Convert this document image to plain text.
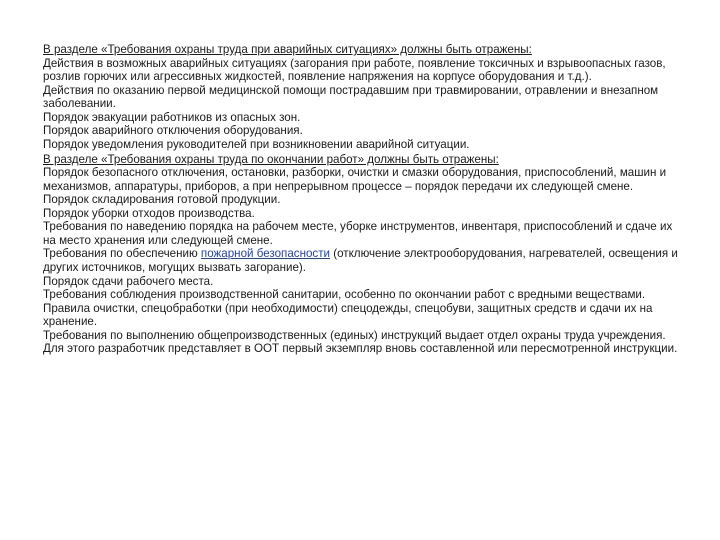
В разделе «Требования охраны труда при аварийных ситуациях» должны быть отражены:
Действия в возможных аварийных ситуациях (загорания при работе, появление токсичных и взрывоопасных газов, розлив горючих или агрессивных жидкостей, появление напряжения на корпусе оборудования и т.д.).
Действия по оказанию первой медицинской помощи пострадавшим при травмировании, отравлении и внезапном заболевании.
Порядок эвакуации работников из опасных зон.
Порядок аварийного отключения оборудования.
Порядок уведомления руководителей при возникновении аварийной ситуации.
В разделе «Требования охраны труда по окончании работ» должны быть отражены:
Порядок безопасного отключения, остановки, разборки, очистки и смазки оборудования, приспособлений, машин и механизмов, аппаратуры, приборов, а при непрерывном процессе – порядок передачи их следующей смене.
Порядок складирования готовой продукции.
Порядок уборки отходов производства.
Требования по наведению порядка на рабочем месте, уборке инструментов, инвентаря, приспособлений и сдаче их на место хранения или следующей смене.
Требования по обеспечению пожарной безопасности (отключение электрооборудования, нагревателей, освещения и других источников, могущих вызвать загорание).
Порядок сдачи рабочего места.
Требования соблюдения производственной санитарии, особенно по окончании работ с вредными веществами.
Правила очистки, спецобработки (при необходимости) спецодежды, спецобуви, защитных средств и сдачи их на хранение.
Требования по выполнению общепроизводственных (единых) инструкций выдает отдел охраны труда учреждения. Для этого разработчик представляет в ООТ первый экземпляр вновь составленной или пересмотренной инструкции.
